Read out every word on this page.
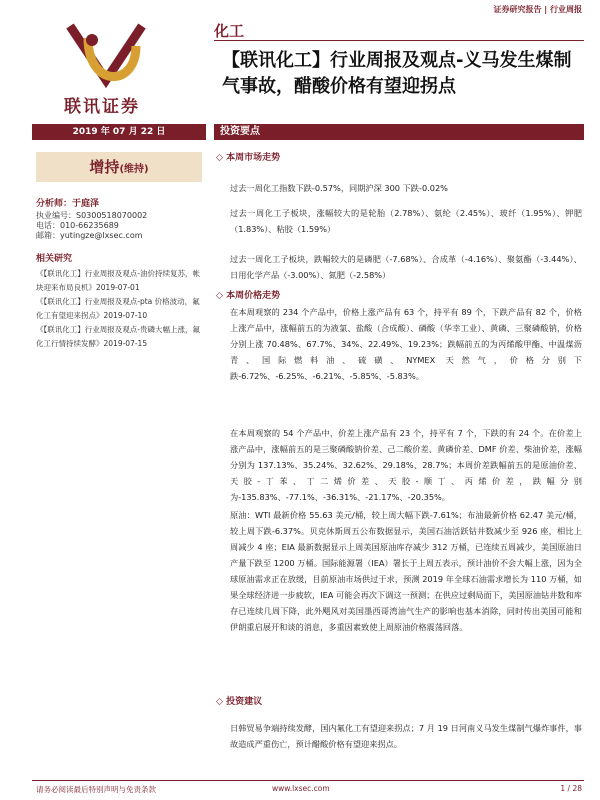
证券研究报告 | 行业周报
联讯证券
化工
【联讯化工】行业周报及观点-义马发生煤制气事故，醋酸价格有望迎拐点
2019 年 07 月 22 日	投资要点
增持(维持)
分析师：于庭泽
执业编号：S0300518070002
电话：010-66235689
邮箱：yutingze@lxsec.com
相关研究
《【联讯化工】行业周报及观点-油价持续复苏，帐块迎来布局良机》2019-07-01
《【联讯化工】行业周报及观点-pta 价格波动，氟化工有望迎来拐点》2019-07-10
《【联讯化工】行业周报及观点-贵磷大幅上涨，氟化工行情持续发酵》2019-07-15
◇ 本周市场走势
过去一周化工指数下跌-0.57%，同期沪深 300 下跌-0.02%
过去一周化工子板块，涨幅较大的是轮胎（2.78%）、氨纶（2.45%）、玻纤（1.95%）、钾肥（1.83%）、粘胶（1.59%）
过去一周化工子板块，跌幅较大的是磷肥（-7.68%）、合成革（-4.16%）、聚氨酯（-3.44%）、日用化学产品（-3.00%）、氮肥（-2.58%）
◇ 本周价格走势
在本周观察的 234 个产品中，价格上涨产品有 63 个，持平有 89 个，下跌产品有 82 个，价格上涨产品中，涨幅前五的为液氯、盐酸（合成酸）、磷酸（华幸工业）、黄磷、三聚磷酸钠，价格分别上涨 70.48%、67.7%、34%、22.49%、19.23%；跌幅前五的为丙烯酸甲酯、中温煤沥青、国际燃料油、硫磺、NYMEX 天然气，价格分别下跌-6.72%、-6.25%、-6.21%、-5.85%、-5.83%。
在本周观察的 54 个产品中，价差上涨产品有 23 个，持平有 7 个，下跌的有 24 个。在价差上涨产品中，涨幅前五的是三聚磷酸钠价差、己二酸价差、黄磷价差、DMF 价差、柴油价差，涨幅分别为 137.13%、35.24%、32.62%、29.18%、28.7%；本周价差跌幅前五的是原油价差、天胶-丁苯、丁二烯价差、天胶-顺丁、丙烯价差，跌幅分别为-135.83%、-77.1%、-36.31%、-21.17%、-20.35%。
原油：WTI 最新价格 55.63 美元/桶，较上周大幅下跌-7.61%；布油最新价格 62.47 美元/桶，较上周下跌-6.37%。贝克休斯周五公布数据显示，美国石油活跃钻井数减少至 926 座，相比上周减少 4 座；EIA 最新数据显示上周美国原油库存减少 312 万桶，已连续五周减少，美国原油日产量下跌至 1200 万桶。国际能源署（IEA）署长于上周五表示，预计油价不会大幅上涨，因为全球原油需求正在放缓，目前原油市场供过于求，预测 2019 年全球石油需求增长为 110 万桶，如果全球经济进一步疲软，IEA 可能会再次下调这一预测；在供应过剩局面下，美国原油钻井数和库存已连续几周下降，此外飓风对美国墨西哥湾油气生产的影响也基本消除，同时传出美国可能和伊朗重启展开和谈的消息，多重因素致使上周原油价格震荡回落。
◇ 投资建议
日韩贸易争端持续发酵，国内氟化工有望迎来拐点；7 月 19 日河南义马发生煤制气爆炸事件，事故造成严重伤亡，预计醋酸价格有望迎来拐点。
请务必阅读最后特别声明与免责条款	www.lxsec.com	1 / 28
